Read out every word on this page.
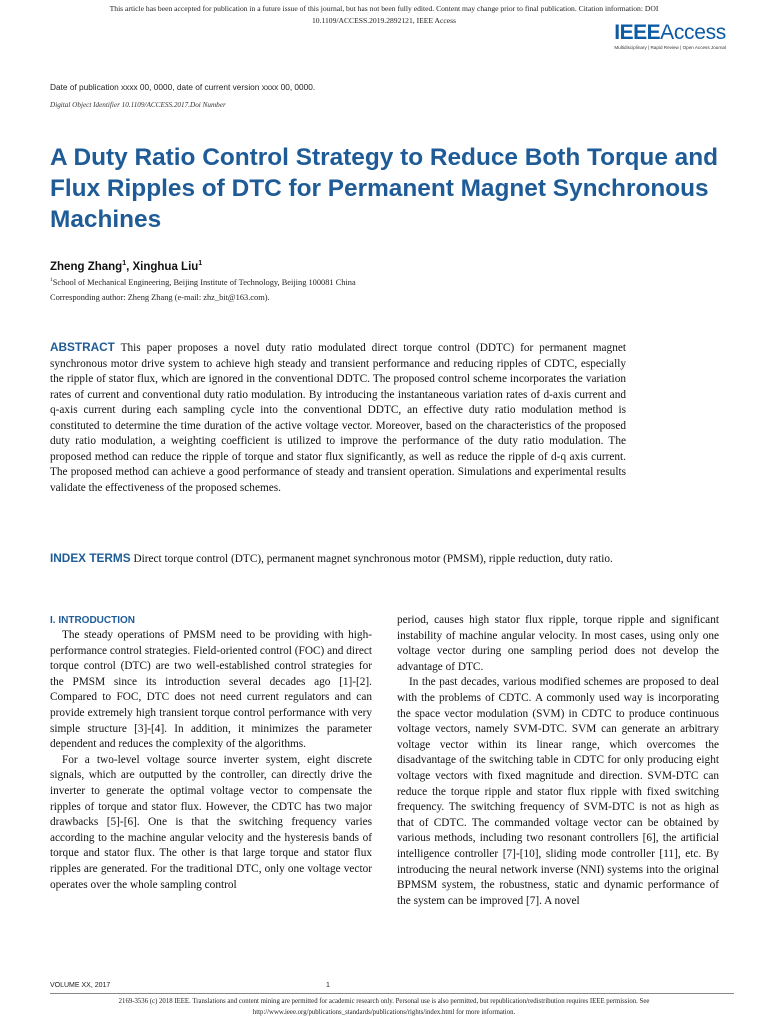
This article has been accepted for publication in a future issue of this journal, but has not been fully edited. Content may change prior to final publication. Citation information: DOI
10.1109/ACCESS.2019.2892121, IEEE Access
IEEEAccess
Multidisciplinary | Rapid Review | Open Access Journal
Date of publication xxxx 00, 0000, date of current version xxxx 00, 0000.
Digital Object Identifier 10.1109/ACCESS.2017.Doi Number
A Duty Ratio Control Strategy to Reduce Both Torque and Flux Ripples of DTC for Permanent Magnet Synchronous Machines
Zheng Zhang$^1$, Xinghua Liu$^1$
$^1$School of Mechanical Engineering, Beijing Institute of Technology, Beijing 100081 China
Corresponding author: Zheng Zhang (e-mail: zhz_bit@163.com).
ABSTRACT This paper proposes a novel duty ratio modulated direct torque control (DDTC) for permanent magnet synchronous motor drive system to achieve high steady and transient performance and reducing ripples of CDTC, especially the ripple of stator flux, which are ignored in the conventional DDTC. The proposed control scheme incorporates the variation rates of current and conventional duty ratio modulation. By introducing the instantaneous variation rates of d-axis current and q-axis current during each sampling cycle into the conventional DDTC, an effective duty ratio modulation method is constituted to determine the time duration of the active voltage vector. Moreover, based on the characteristics of the proposed duty ratio modulation, a weighting coefficient is utilized to improve the performance of the duty ratio modulation. The proposed method can reduce the ripple of torque and stator flux significantly, as well as reduce the ripple of d-q axis current. The proposed method can achieve a good performance of steady and transient operation. Simulations and experimental results validate the effectiveness of the proposed schemes.
INDEX TERMS Direct torque control (DTC), permanent magnet synchronous motor (PMSM), ripple reduction, duty ratio.
I. INTRODUCTION

The steady operations of PMSM need to be providing with high-performance control strategies. Field-oriented control (FOC) and direct torque control (DTC) are two well-established control strategies for the PMSM since its introduction several decades ago [1]-[2]. Compared to FOC, DTC does not need current regulators and can provide extremely high transient torque control performance with very simple structure [3]-[4]. In addition, it minimizes the parameter dependent and reduces the complexity of the algorithms.

For a two-level voltage source inverter system, eight discrete signals, which are outputted by the controller, can directly drive the inverter to generate the optimal voltage vector to compensate the ripples of torque and stator flux. However, the CDTC has two major drawbacks [5]-[6]. One is that the switching frequency varies according to the machine angular velocity and the hysteresis bands of torque and stator flux. The other is that large torque and stator flux ripples are generated. For the traditional DTC, only one voltage vector operates over the whole sampling control

period, causes high stator flux ripple, torque ripple and significant instability of machine angular velocity. In most cases, using only one voltage vector during one sampling period does not develop the advantage of DTC.

In the past decades, various modified schemes are proposed to deal with the problems of CDTC. A commonly used way is incorporating the space vector modulation (SVM) in CDTC to produce continuous voltage vectors, namely SVM-DTC. SVM can generate an arbitrary voltage vector within its linear range, which overcomes the disadvantage of the switching table in CDTC for only producing eight voltage vectors with fixed magnitude and direction. SVM-DTC can reduce the torque ripple and stator flux ripple with fixed switching frequency. The switching frequency of SVM-DTC is not as high as that of CDTC. The commanded voltage vector can be obtained by various methods, including two resonant controllers [6], the artificial intelligence controller [7]-[10], sliding mode controller [11], etc. By introducing the neural network inverse (NNI) systems into the original BPMSM system, the robustness, static and dynamic performance of the system can be improved [7]. A novel

VOLUME XX, 2017	1
2169-3536 (c) 2018 IEEE. Translations and content mining are permitted for academic research only. Personal use is also permitted, but republication/redistribution requires IEEE permission. See
http://www.ieee.org/publications_standards/publications/rights/index.html for more information.
